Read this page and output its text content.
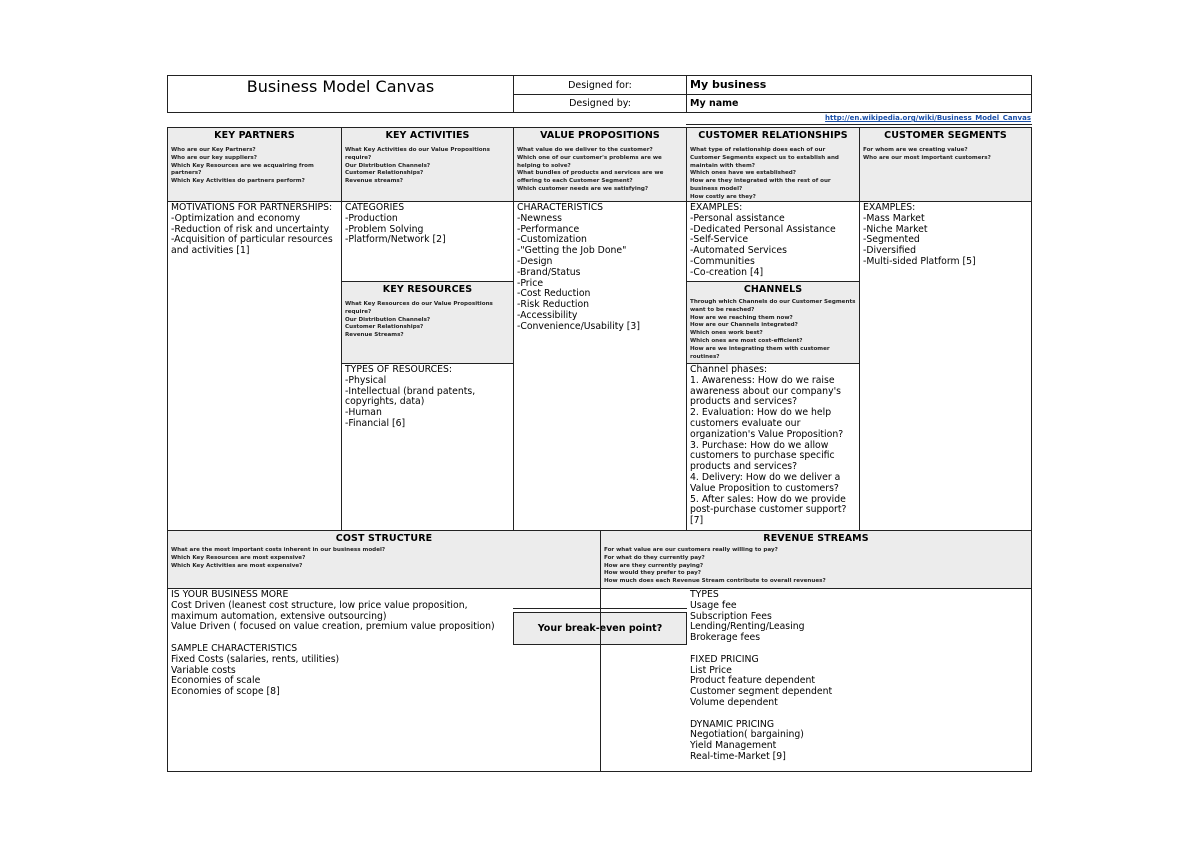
Business Model Canvas	Designed for:	My business
Designed by:	My name
http://en.wikipedia.org/wiki/Business_Model_Canvas
KEY PARTNERS
Who are our Key Partners?
Who are our key suppliers?
Which Key Resources are we acquairing from partners?
Which Key Activities do partners perform?
MOTIVATIONS FOR PARTNERSHIPS:
-Optimization and economy
-Reduction of risk and uncertainty
-Acquisition of particular resources and activities [1]
KEY ACTIVITIES
What Key Activities do our Value Propositions require?
Our Distribution Channels?
Customer Relationships?
Revenue streams?
CATEGORIES
-Production
-Problem Solving
-Platform/Network [2]
KEY RESOURCES
What Key Resources do our Value Propositions require?
Our Distribution Channels?
Customer Relationships?
Revenue Streams?
TYPES OF RESOURCES:
-Physical
-Intellectual (brand patents, copyrights, data)
-Human
-Financial [6]
VALUE PROPOSITIONS
What value do we deliver to the customer?
Which one of our customer's problems are we helping to solve?
What bundles of products and services are we offering to each Customer Segment?
Which customer needs are we satisfying?
CHARACTERISTICS
-Newness
-Performance
-Customization
-"Getting the Job Done"
-Design
-Brand/Status
-Price
-Cost Reduction
-Risk Reduction
-Accessibility
-Convenience/Usability [3]
CUSTOMER RELATIONSHIPS
What type of relationship does each of our Customer Segments expect us to establish and maintain with them?
Which ones have we established?
How are they integrated with the rest of our business model?
How costly are they?
EXAMPLES:
-Personal assistance
-Dedicated Personal Assistance
-Self-Service
-Automated Services
-Communities
-Co-creation [4]
CHANNELS
Through which Channels do our Customer Segments want to be reached?
How are we reaching them now?
How are our Channels integrated?
Which ones work best?
Which ones are most cost-efficient?
How are we integrating them with customer routines?
Channel phases:
1. Awareness: How do we raise awareness about our company's products and services?
2. Evaluation: How do we help customers evaluate our organization's Value Proposition?
3. Purchase: How do we allow customers to purchase specific products and services?
4. Delivery: How do we deliver a Value Proposition to customers?
5. After sales: How do we provide post-purchase customer support?
[7]
CUSTOMER SEGMENTS
For whom are we creating value?
Who are our most important customers?
EXAMPLES:
-Mass Market
-Niche Market
-Segmented
-Diversified
-Multi-sided Platform [5]
COST STRUCTURE
What are the most important costs inherent in our business model?
Which Key Resources are most expensive?
Which Key Activities are most expensive?
IS YOUR BUSINESS MORE
Cost Driven (leanest cost structure, low price value proposition, maximum automation, extensive outsourcing)
Value Driven ( focused on value creation, premium value proposition)

SAMPLE CHARACTERISTICS
Fixed Costs (salaries, rents, utilities)
Variable costs
Economies of scale
Economies of scope [8]
Your break-even point?
REVENUE STREAMS
For what value are our customers really willing to pay?
For what do they currently pay?
How are they currently paying?
How would they prefer to pay?
How much does each Revenue Stream contribute to overall revenues?
TYPES
Usage fee
Subscription Fees
Lending/Renting/Leasing
Brokerage fees

FIXED PRICING
List Price
Product feature dependent
Customer segment dependent
Volume dependent

DYNAMIC PRICING
Negotiation( bargaining)
Yield Management
Real-time-Market [9]
